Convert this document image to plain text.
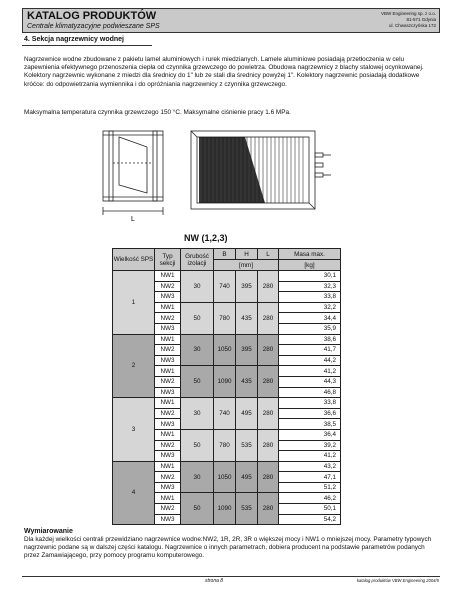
KATALOG PRODUKTÓW
Centrale klimatyzacyjne podwieszane SPS
VBW Engineering sp. z o.o.
81-571 Gdynia
ul. Chwaszczyńska 172
4. Sekcja nagrzewnicy wodnej
Nagrzewnice wodne zbudowane z pakietu lamel aluminiowych i rurek miedzianych. Lamele aluminiowe posiadają przetłoczenia w celu zapewnienia efektywnego przenoszenia ciepła od czynnika grzewczego do powietrza. Obudowa nagrzewnicy z blachy stalowej ocynkowanej. Kolektory nagrzewnic wykonane z miedzi dla średnicy do 1" lub ze stali dla średnicy powyżej 1". Kolektory nagrzewnic posiadają dodatkowe króćce: do odpowietrzania wymiennika i do opróżniania nagrzewnicy z czynnika grzewczego.
Maksymalna temperatura czynnika grzewczego 150 °C. Maksymalne ciśnienie pracy 1.6 MPa.
L
NW (1,2,3)
Wielkość SPS	Typ sekcji	Grubość izolacji	B	H	L	Masa max.
			[mm]			[kg]
1	NW1	30	740	395	280	30,1
	NW2					32,3
	NW3					33,8
	NW1	50	780	435	280	32,2
	NW2					34,4
	NW3					35,9
2	NW1	30	1050	395	280	38,6
	NW2					41,7
	NW3					44,2
	NW1	50	1090	435	280	41,2
	NW2					44,3
	NW3					46,8
3	NW1	30	740	495	280	33,8
	NW2					36,6
	NW3					38,5
	NW1	50	780	535	280	36,4
	NW2					39,2
	NW3					41,2
4	NW1	30	1050	495	280	43,2
	NW2					47,1
	NW3					51,2
	NW1	50	1090	535	280	46,2
	NW2					50,1
	NW3					54,2
Wymiarowanie
Dla każdej wielkości centrali przewidziano nagrzewnice wodne:NW2, 1R, 2R, 3R o większej mocy i NW1 o mniejszej mocy. Parametry typowych nagrzewnic podane są w dalszej części katalogu. Nagrzewnice o innych parametrach, dobiera producent na podstawie parametrów podanych przez Zamawiającego, przy pomocy programu komputerowego.
strona 8	katalog produktów VBW Engineering 2004/5
